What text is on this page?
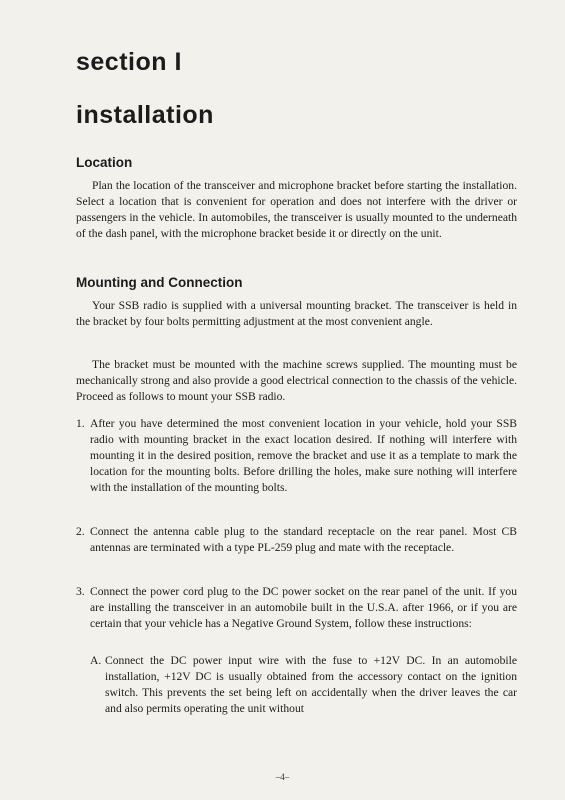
section I
installation
Location

Plan the location of the transceiver and microphone bracket before starting the installation. Select a location that is convenient for operation and does not interfere with the driver or passengers in the vehicle. In automobiles, the transceiver is usually mounted to the underneath of the dash panel, with the microphone bracket beside it or directly on the unit.

Mounting and Connection

Your SSB radio is supplied with a universal mounting bracket. The transceiver is held in the bracket by four bolts permitting adjustment at the most convenient angle.

The bracket must be mounted with the machine screws supplied. The mounting must be mechanically strong and also provide a good electrical connection to the chassis of the vehicle. Proceed as follows to mount your SSB radio.

1. After you have determined the most convenient location in your vehicle, hold your SSB radio with mounting bracket in the exact location desired. If nothing will interfere with mounting it in the desired position, remove the bracket and use it as a template to mark the location for the mounting bolts. Before drilling the holes, make sure nothing will interfere with the installation of the mounting bolts.
2. Connect the antenna cable plug to the standard receptacle on the rear panel. Most CB antennas are terminated with a type PL-259 plug and mate with the receptacle.
3. Connect the power cord plug to the DC power socket on the rear panel of the unit. If you are installing the transceiver in an automobile built in the U.S.A. after 1966, or if you are certain that your vehicle has a Negative Ground System, follow these instructions:
A. Connect the DC power input wire with the fuse to +12V DC. In an automobile installation, +12V DC is usually obtained from the accessory contact on the ignition switch. This prevents the set being left on accidentally when the driver leaves the car and also permits operating the unit without
–4–
